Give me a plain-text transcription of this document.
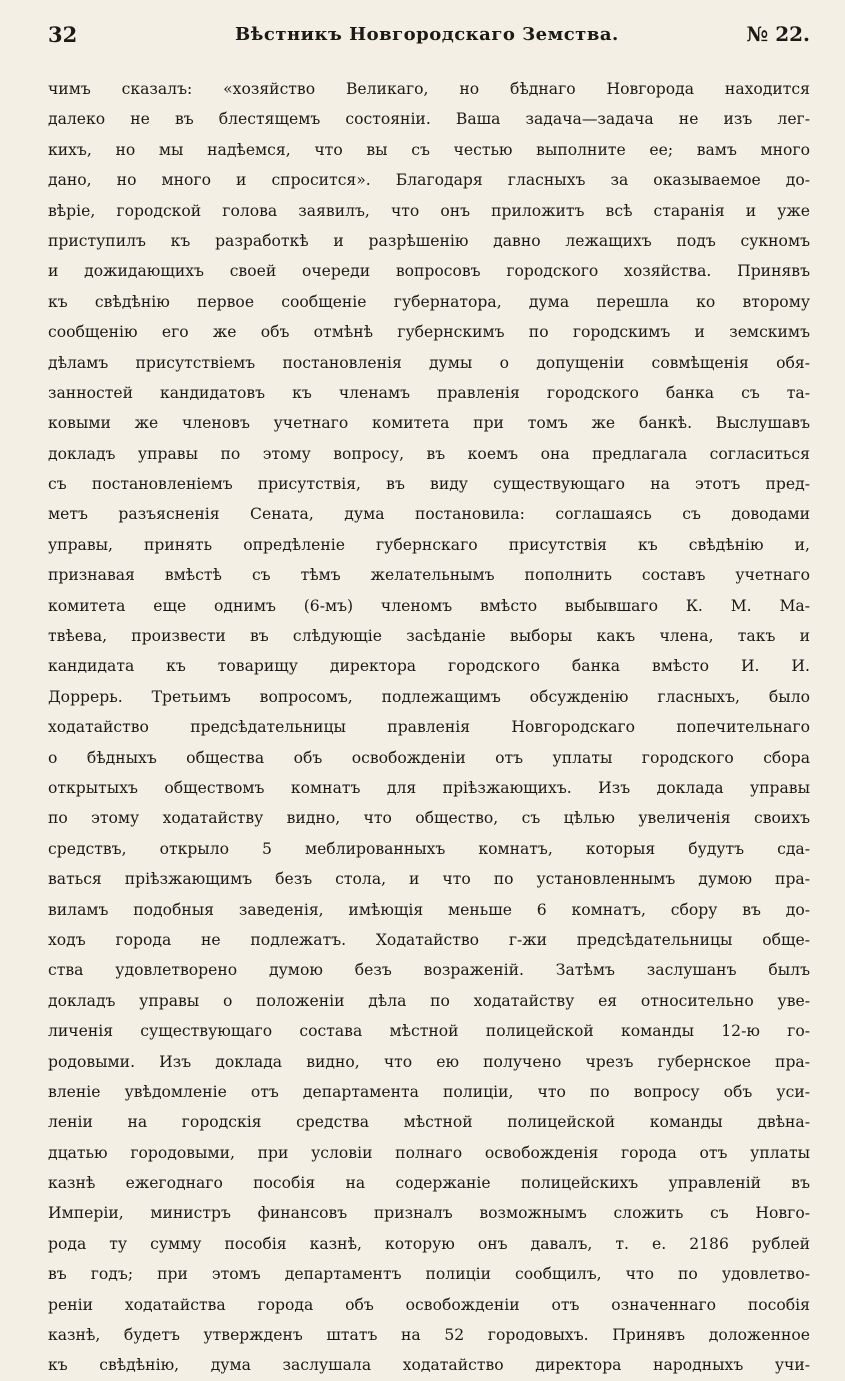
32	Вѣстникъ Новгородскаго Земства.	№ 22.
чимъ сказалъ: «хозяйство Великаго, но бѣднаго Новгорода находится
далеко не въ блестящемъ состояніи. Ваша задача—задача не изъ лег-
кихъ, но мы надѣемся, что вы съ честью выполните ее; вамъ много
дано, но много и спросится». Благодаря гласныхъ за оказываемое до-
вѣріе, городской голова заявилъ, что онъ приложитъ всѣ старанія и уже
приступилъ къ разработкѣ и разрѣшенію давно лежащихъ подъ сукномъ
и дожидающихъ своей очереди вопросовъ городского хозяйства. Принявъ
къ свѣдѣнію первое сообщеніе губернатора, дума перешла ко второму
сообщенію его же объ отмѣнѣ губернскимъ по городскимъ и земскимъ
дѣламъ присутствіемъ постановленія думы о допущеніи совмѣщенія обя-
занностей кандидатовъ къ членамъ правленія городского банка съ та-
ковыми же членовъ учетнаго комитета при томъ же банкѣ. Выслушавъ
докладъ управы по этому вопросу, въ коемъ она предлагала согласиться
съ постановленіемъ присутствія, въ виду существующаго на этотъ пред-
метъ разъясненія Сената, дума постановила: соглашаясь съ доводами
управы, принять опредѣленіе губернскаго присутствія къ свѣдѣнію и,
признавая вмѣстѣ съ тѣмъ желательнымъ пополнить составъ учетнаго
комитета еще однимъ (6-мъ) членомъ вмѣсто выбывшаго К. М. Ма-
твѣева, произвести въ слѣдующіе засѣданіе выборы какъ члена, такъ и
кандидата къ товарищу директора городского банка вмѣсто И. И.
Доррерь. Третьимъ вопросомъ, подлежащимъ обсужденію гласныхъ, было
ходатайство предсѣдательницы правленія Новгородскаго попечительнаго
о бѣдныхъ общества объ освобожденіи отъ уплаты городского сбора
открытыхъ обществомъ комнатъ для пріѣзжающихъ. Изъ доклада управы
по этому ходатайству видно, что общество, съ цѣлью увеличенія своихъ
средствъ, открыло 5 меблированныхъ комнатъ, которыя будутъ сда-
ваться пріѣзжающимъ безъ стола, и что по установленнымъ думою пра-
виламъ подобныя заведенія, имѣющія меньше 6 комнатъ, сбору въ до-
ходъ города не подлежатъ. Ходатайство г-жи предсѣдательницы обще-
ства удовлетворено думою безъ возраженій. Затѣмъ заслушанъ былъ
докладъ управы о положеніи дѣла по ходатайству ея относительно уве-
личенія существующаго состава мѣстной полицейской команды 12-ю го-
родовыми. Изъ доклада видно, что ею получено чрезъ губернское пра-
вленіе увѣдомленіе отъ департамента полиціи, что по вопросу объ уси-
леніи на городскія средства мѣстной полицейской команды двѣна-
дцатью городовыми, при условіи полнаго освобожденія города отъ уплаты
казнѣ ежегоднаго пособія на содержаніе полицейскихъ управленій въ
Имперіи, министръ финансовъ призналъ возможнымъ сложить съ Новго-
рода ту сумму пособія казнѣ, которую онъ давалъ, т. е. 2186 рублей
въ годъ; при этомъ департаментъ полиціи сообщилъ, что по удовлетво-
реніи ходатайства города объ освобожденіи отъ означеннаго пособія
казнѣ, будетъ утвержденъ штатъ на 52 городовыхъ. Принявъ доложенное
къ свѣдѣнію, дума заслушала ходатайство директора народныхъ учи-
